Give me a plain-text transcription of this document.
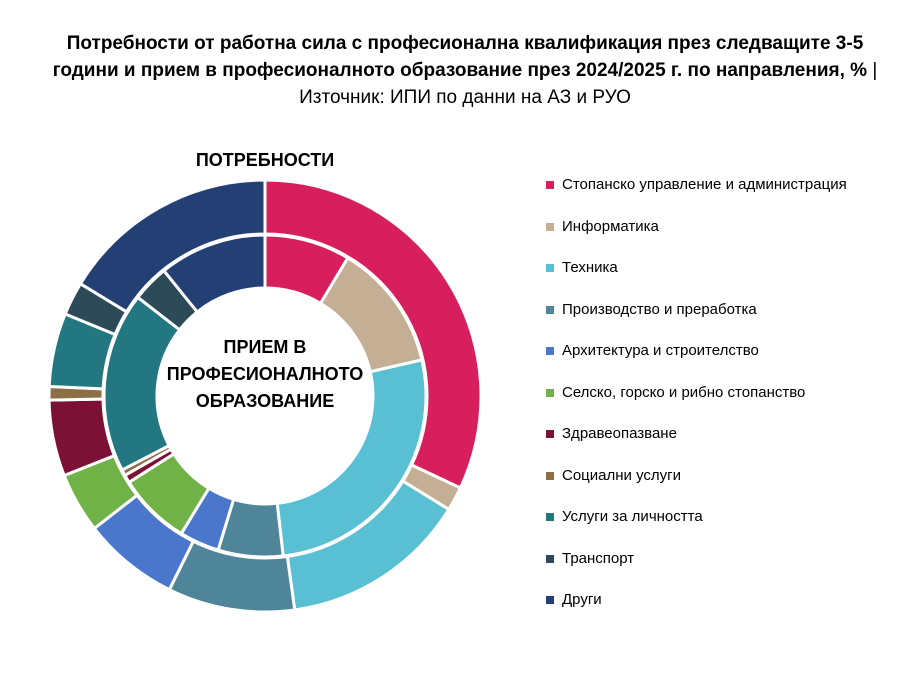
Потребности от работна сила с професионална квалификация през следващите 3-5 години и прием в професионалното образование през 2024/2025 г. по направления, % | Източник: ИПИ по данни на АЗ и РУО
ПОТРЕБНОСТИ
ПРИЕМ В
ПРОФЕСИОНАЛНОТО
ОБРАЗОВАНИЕ
Стопанско управление и администрация
Информатика
Техника
Производство и преработка
Архитектура и строителство
Селско, горско и рибно стопанство
Здравеопазване
Социални услуги
Услуги за личността
Транспорт
Други
